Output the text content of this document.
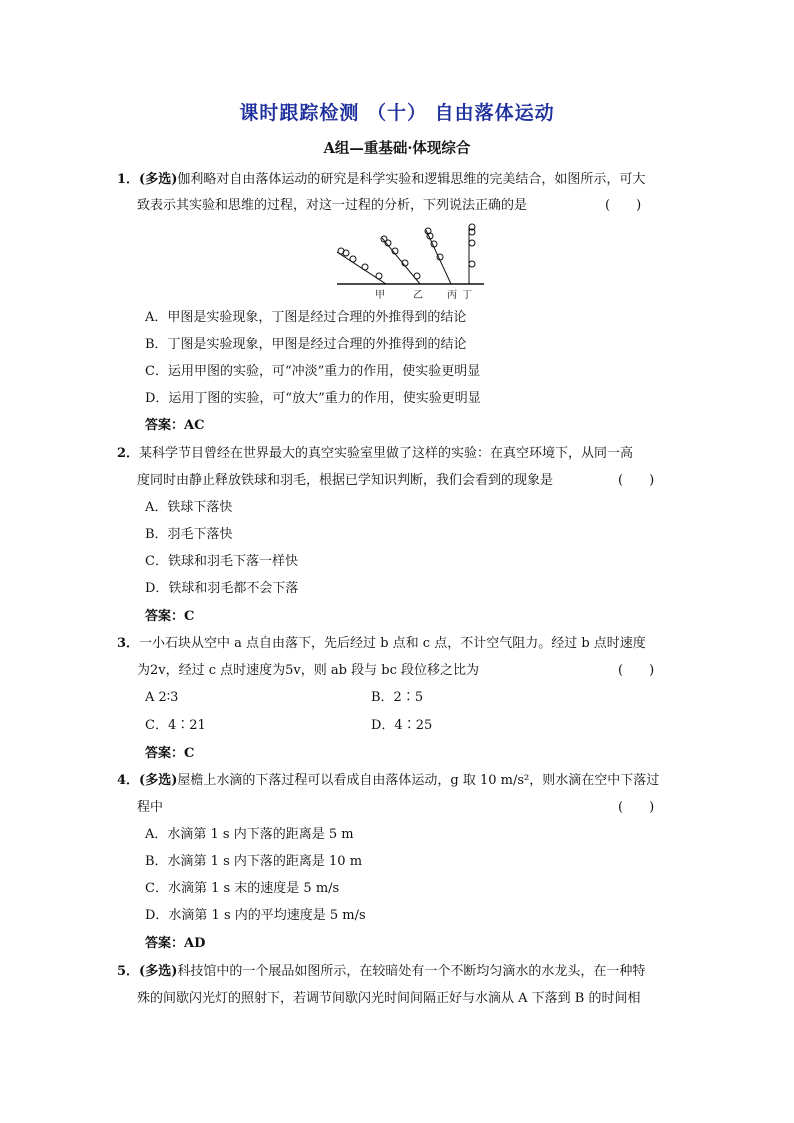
课时跟踪检测 （十） 自由落体运动
A组—重基础·体现综合
1．(多选)伽利略对自由落体运动的研究是科学实验和逻辑思维的完美结合，如图所示，可大
致表示其实验和思维的过程，对这一过程的分析，下列说法正确的是	(　　)
甲	乙 丙 丁
A．甲图是实验现象，丁图是经过合理的外推得到的结论
B．丁图是实验现象，甲图是经过合理的外推得到的结论
C．运用甲图的实验，可“冲淡”重力的作用，使实验更明显
D．运用丁图的实验，可“放大”重力的作用，使实验更明显
答案：AC
2．某科学节目曾经在世界最大的真空实验室里做了这样的实验：在真空环境下，从同一高
度同时由静止释放铁球和羽毛，根据已学知识判断，我们会看到的现象是	(　　)
A．铁球下落快
B．羽毛下落快
C．铁球和羽毛下落一样快
D．铁球和羽毛都不会下落
答案：C
3．一小石块从空中 a 点自由落下，先后经过 b 点和 c 点，不计空气阻力。经过 b 点时速度
为2v，经过 c 点时速度为5v，则 ab 段与 bc 段位移之比为	(　　)
A 2∶3	B．2∶5
C．4∶21	D．4∶25
答案：C
4．(多选)屋檐上水滴的下落过程可以看成自由落体运动，g 取 10 m/s²，则水滴在空中下落过
程中	(　　)
A．水滴第 1 s 内下落的距离是 5 m
B．水滴第 1 s 内下落的距离是 10 m
C．水滴第 1 s 末的速度是 5 m/s
D．水滴第 1 s 内的平均速度是 5 m/s
答案：AD
5．(多选)科技馆中的一个展品如图所示，在较暗处有一个不断均匀滴水的水龙头，在一种特
殊的间歇闪光灯的照射下，若调节间歇闪光时间间隔正好与水滴从 A 下落到 B 的时间相
